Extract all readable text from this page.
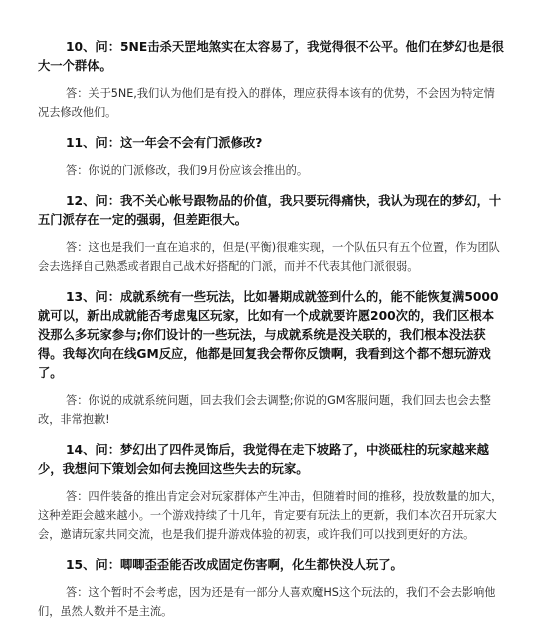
10、问：5NE击杀天罡地煞实在太容易了，我觉得很不公平。他们在梦幻也是很大一个群体。

答：关于5NE,我们认为他们是有投入的群体，理应获得本该有的优势，不会因为特定情况去修改他们。

11、问：这一年会不会有门派修改?

答：你说的门派修改，我们9月份应该会推出的。

12、问：我不关心帐号跟物品的价值，我只要玩得痛快，我认为现在的梦幻，十五门派存在一定的强弱，但差距很大。

答：这也是我们一直在追求的，但是(平衡)很难实现，一个队伍只有五个位置，作为团队会去选择自己熟悉或者跟自己战术好搭配的门派，而并不代表其他门派很弱。

13、问：成就系统有一些玩法，比如暑期成就签到什么的，能不能恢复满5000就可以，新出成就能否考虑鬼区玩家，比如有一个成就要许愿200次的，我们区根本没那么多玩家参与;你们设计的一些玩法，与成就系统是没关联的，我们根本没法获得。我每次向在线GM反应，他都是回复我会帮你反馈啊，我看到这个都不想玩游戏了。

答：你说的成就系统问题，回去我们会去调整;你说的GM客服问题，我们回去也会去整改，非常抱歉!

14、问：梦幻出了四件灵饰后，我觉得在走下坡路了，中淡砥柱的玩家越来越少，我想问下策划会如何去挽回这些失去的玩家。

答：四件装备的推出肯定会对玩家群体产生冲击，但随着时间的推移，投放数量的加大，这种差距会越来越小。一个游戏持续了十几年，肯定要有玩法上的更新，我们本次召开玩家大会，邀请玩家共同交流，也是我们提升游戏体验的初衷，或许我们可以找到更好的方法。

15、问：唧唧歪歪能否改成固定伤害啊，化生都快没人玩了。

答：这个暂时不会考虑，因为还是有一部分人喜欢魔HS这个玩法的，我们不会去影响他们，虽然人数并不是主流。
